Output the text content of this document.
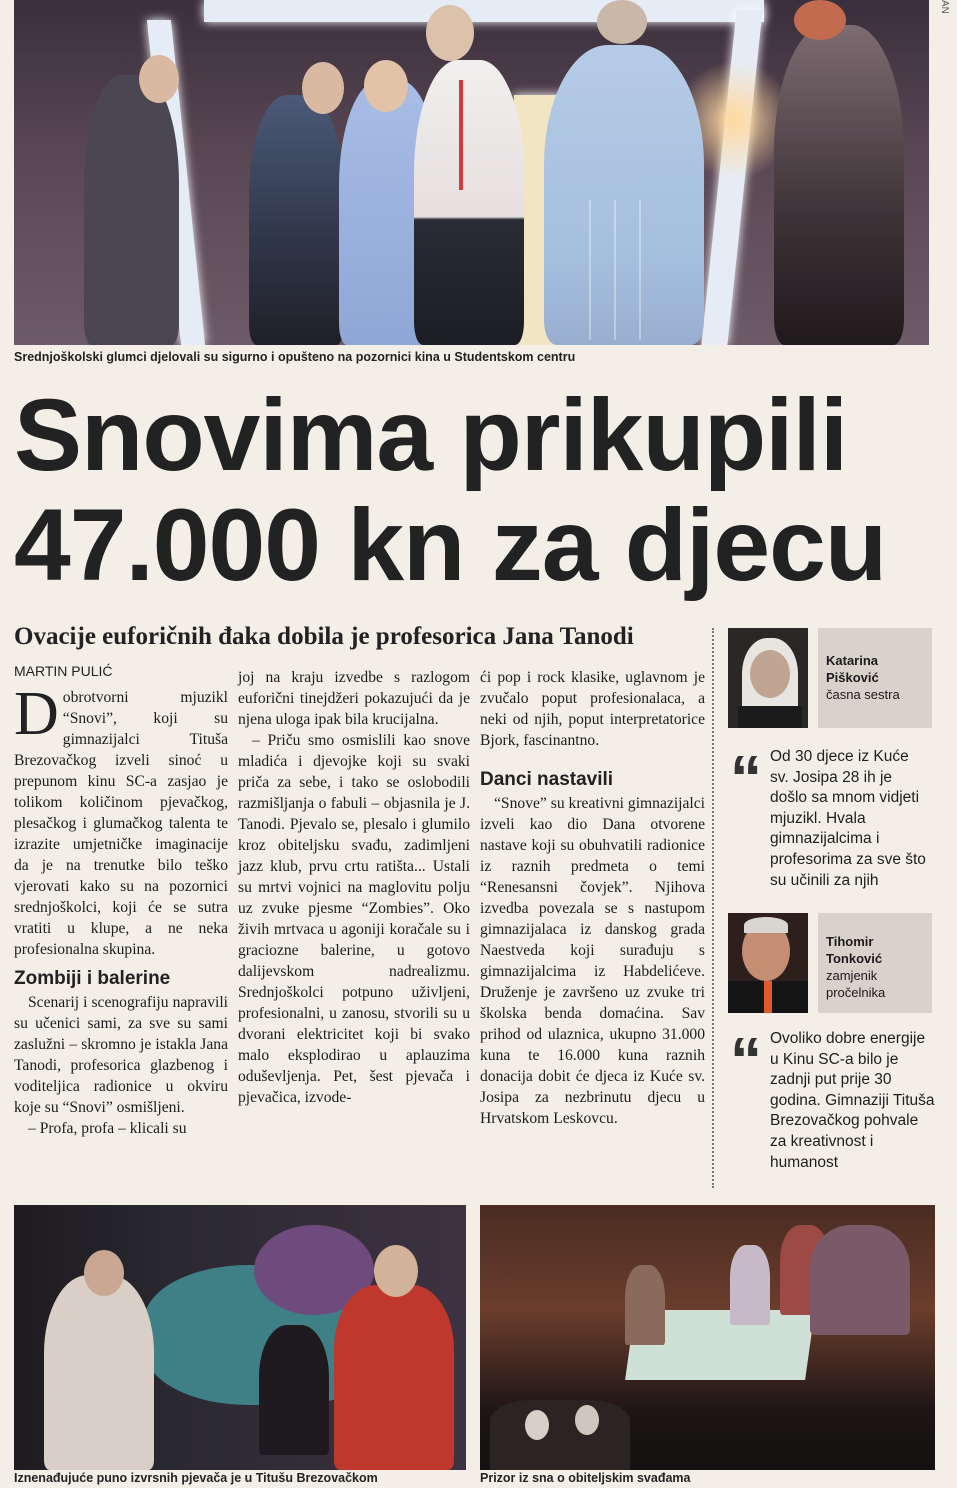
AN
Srednjoškolski glumci djelovali su sigurno i opušteno na pozornici kina u Studentskom centru
Snovima prikupili
47.000 kn za djecu
Ovacije euforičnih đaka dobila je profesorica Jana Tanodi
MARTIN PULIĆ

Dobrotvorni mjuzikl “Snovi”, koji su gimnazijalci Tituša Brezovačkog izveli sinoć u prepunom kinu SC-a zasjao je tolikom količinom pjevačkog, plesačkog i glumačkog talenta te izrazite umjetničke imaginacije da je na trenutke bilo teško vjerovati kako su na pozornici srednjoškolci, koji će se sutra vratiti u klupe, a ne neka profesionalna skupina.

Zombiji i balerine

Scenarij i scenografiju napravili su učenici sami, za sve su sami zaslužni – skromno je istakla Jana Tanodi, profesorica glazbenog i voditeljica radionice u okviru koje su “Snovi” osmišljeni.

– Profa, profa – klicali su

joj na kraju izvedbe s razlogom euforični tinejdžeri pokazujući da je njena uloga ipak bila krucijalna.

– Priču smo osmislili kao snove mladića i djevojke koji su svaki priča za sebe, i tako se oslobodili razmišljanja o fabuli – objasnila je J. Tanodi. Pjevalo se, plesalo i glumilo kroz obiteljsku svađu, zadimljeni jazz klub, prvu crtu ratišta... Ustali su mrtvi vojnici na maglovitu polju uz zvuke pjesme “Zombies”. Oko živih mrtvaca u agoniji koračale su i graciozne balerine, u gotovo dalijevskom nadrealizmu. Srednjoškolci potpuno uživljeni, profesionalni, u zanosu, stvorili su u dvorani elektricitet koji bi svako malo eksplodirao u aplauzima oduševljenja. Pet, šest pjevača i pjevačica, izvode-

ći pop i rock klasike, uglavnom je zvučalo poput profesionalaca, a neki od njih, poput interpretatorice Bjork, fascinantno.

Danci nastavili

“Snove” su kreativni gimnazijalci izveli kao dio Dana otvorene nastave koji su obuhvatili radionice iz raznih predmeta o temi “Renesansni čovjek”. Njihova izvedba povezala se s nastupom gimnazijalaca iz danskog grada Naestveda koji surađuju s gimnazijalcima iz Habdelićeve. Druženje je završeno uz zvuke tri školska benda domaćina. Sav prihod od ulaznica, ukupno 31.000 kuna te 16.000 kuna raznih donacija dobit će djeca iz Kuće sv. Josipa za nezbrinutu djecu u Hrvatskom Leskovcu.

Katarina
Pišković
časna sestra
“ Od 30 djece iz Kuće sv. Josipa 28 ih je došlo sa mnom vidjeti mjuzikl. Hvala gimnazijalcima i profesorima za sve što su učinili za njih
Tihomir
Tonković
zamjenik
pročelnika
“ Ovoliko dobre energije u Kinu SC-a bilo je zadnji put prije 30 godina. Gimnaziji Tituša Brezovačkog pohvale za kreativnost i humanost
Iznenađujuće puno izvrsnih pjevača je u Titušu Brezovačkom	Prizor iz sna o obiteljskim svađama
